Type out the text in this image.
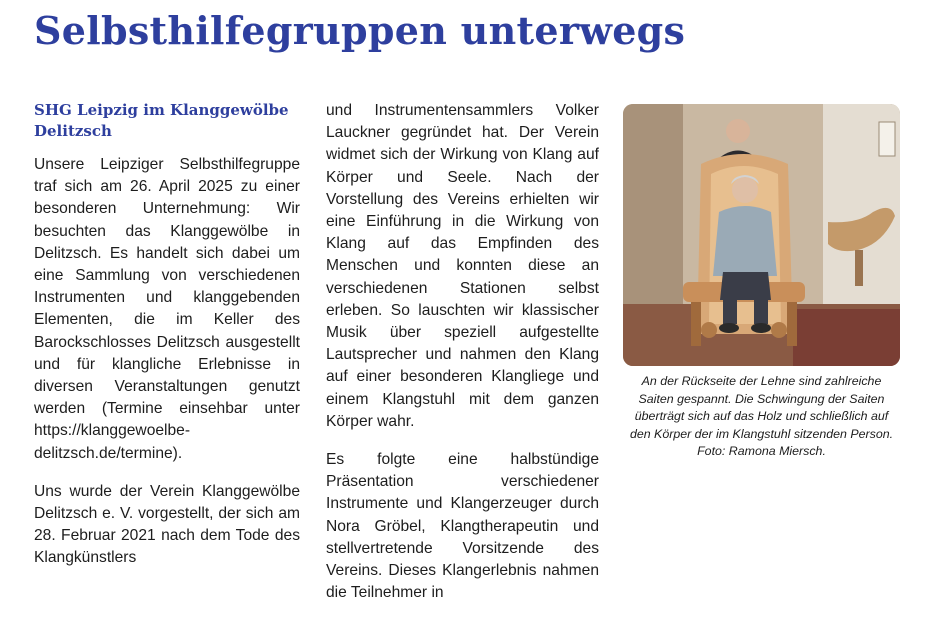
Selbsthilfegruppen unterwegs
SHG Leipzig im Klanggewölbe Delitzsch

Unsere Leipziger Selbsthilfegruppe traf sich am 26. April 2025 zu einer besonderen Unternehmung: Wir besuchten das Klanggewölbe in Delitzsch. Es handelt sich dabei um eine Sammlung von verschiedenen Instrumenten und klanggebenden Elementen, die im Keller des Barockschlosses Delitzsch ausgestellt und für klangliche Erlebnisse in diversen Veranstaltungen genutzt werden (Termine einsehbar unter https://klanggewoelbe-delitzsch.de/termine).

Uns wurde der Verein Klanggewölbe Delitzsch e. V. vorgestellt, der sich am 28. Februar 2021 nach dem Tode des Klangkünstlers

und Instrumentensammlers Volker Lauckner gegründet hat. Der Verein widmet sich der Wirkung von Klang auf Körper und Seele. Nach der Vorstellung des Vereins erhielten wir eine Einführung in die Wirkung von Klang auf das Empfinden des Menschen und konnten diese an verschiedenen Stationen selbst erleben. So lauschten wir klassischer Musik über speziell aufgestellte Lautsprecher und nahmen den Klang auf einer besonderen Klangliege und einem Klangstuhl mit dem ganzen Körper wahr.

Es folgte eine halbstündige Präsentation verschiedener Instrumente und Klangerzeuger durch Nora Gröbel, Klangtherapeutin und stellvertretende Vorsitzende des Vereins. Dieses Klangerlebnis nahmen die Teilnehmer in

An der Rückseite der Lehne sind zahlreiche Saiten gespannt. Die Schwingung der Saiten überträgt sich auf das Holz und schließlich auf den Körper der im Klangstuhl sitzenden Person. Foto: Ramona Miersch.
